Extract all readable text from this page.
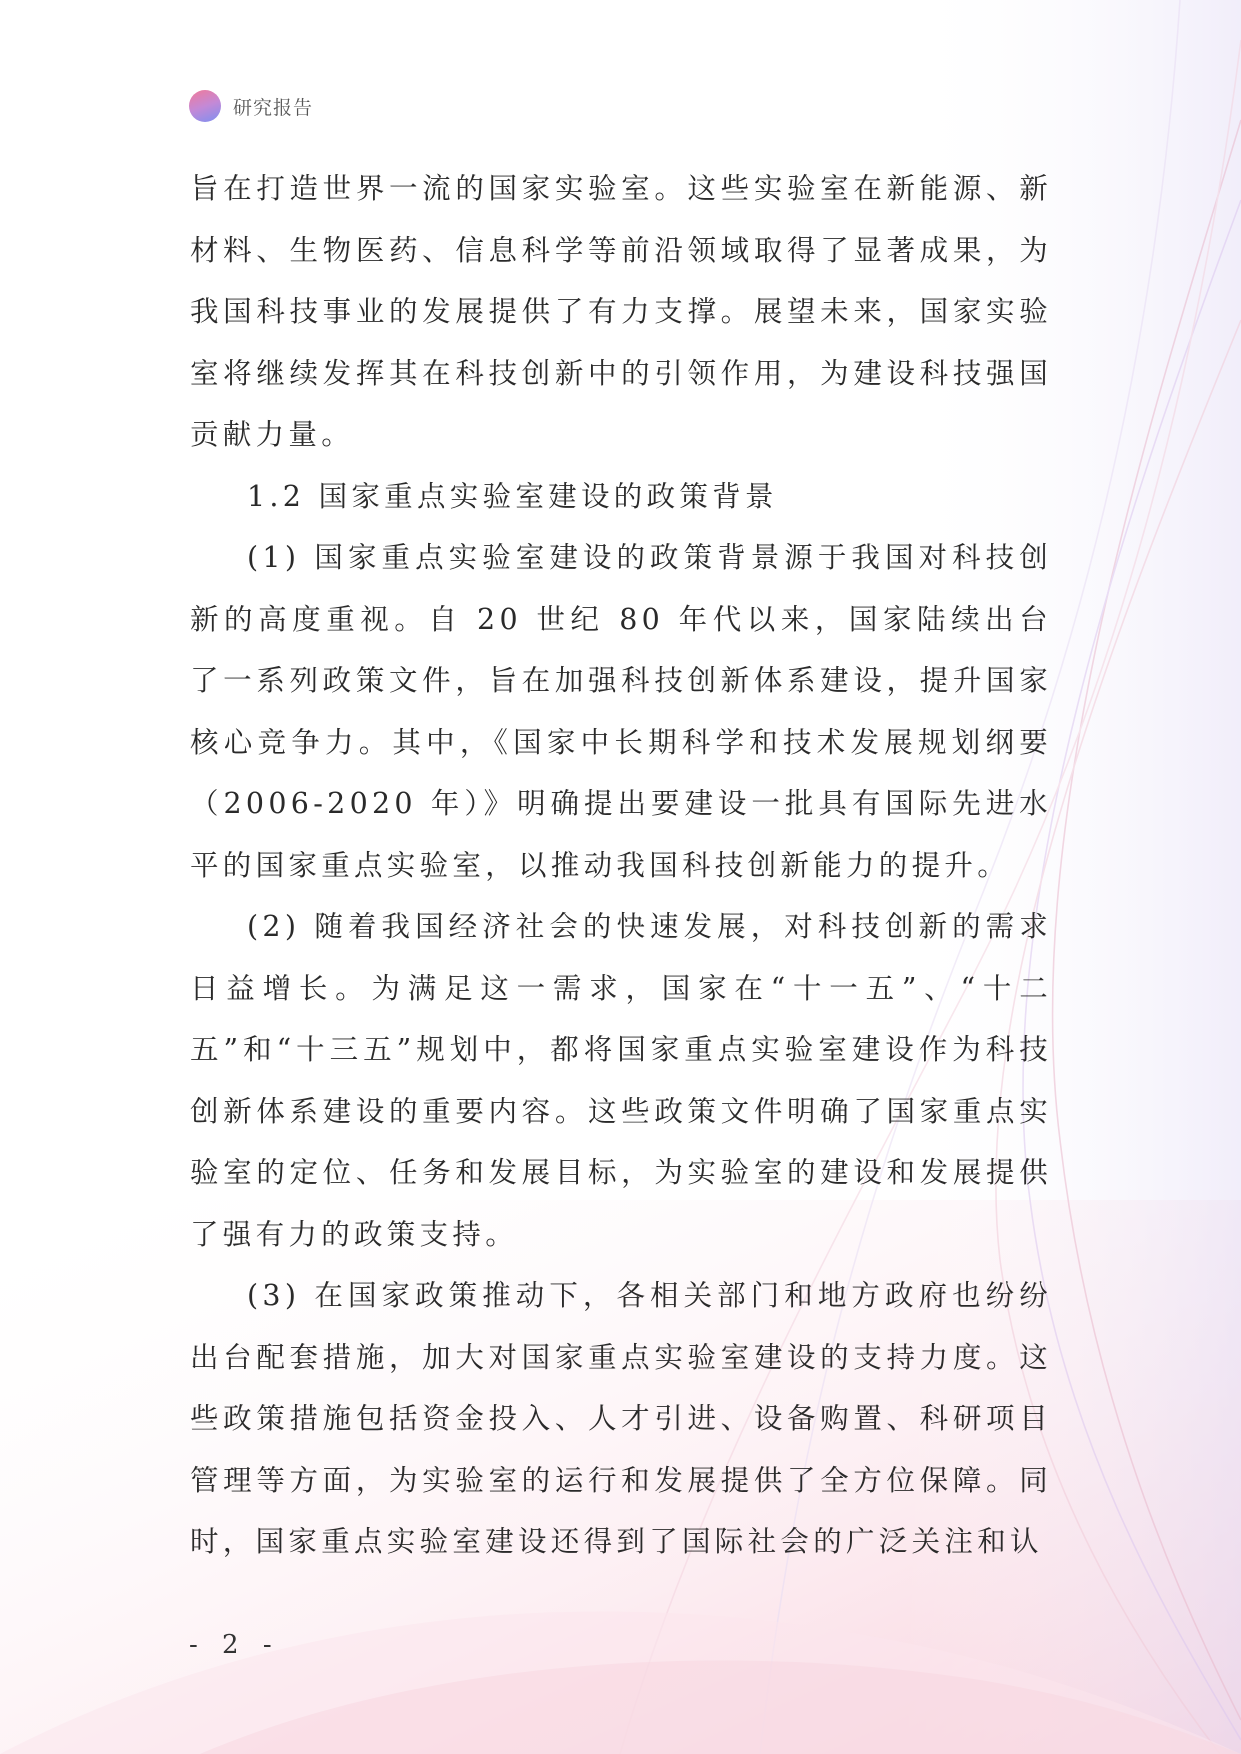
研究报告

旨在打造世界一流的国家实验室。这些实验室在新能源、新材料、生物医药、信息科学等前沿领域取得了显著成果，为我国科技事业的发展提供了有力支撑。展望未来，国家实验室将继续发挥其在科技创新中的引领作用，为建设科技强国贡献力量。

1.2 国家重点实验室建设的政策背景

(1) 国家重点实验室建设的政策背景源于我国对科技创新的高度重视。自 20 世纪 80 年代以来，国家陆续出台了一系列政策文件，旨在加强科技创新体系建设，提升国家核心竞争力。其中，《国家中长期科学和技术发展规划纲要（2006-2020 年）》明确提出要建设一批具有国际先进水平的国家重点实验室，以推动我国科技创新能力的提升。

(2) 随着我国经济社会的快速发展，对科技创新的需求日益增长。为满足这一需求，国家在“十一五”、“十二五”和“十三五”规划中，都将国家重点实验室建设作为科技创新体系建设的重要内容。这些政策文件明确了国家重点实验室的定位、任务和发展目标，为实验室的建设和发展提供了强有力的政策支持。

(3) 在国家政策推动下，各相关部门和地方政府也纷纷出台配套措施，加大对国家重点实验室建设的支持力度。这些政策措施包括资金投入、人才引进、设备购置、科研项目管理等方面，为实验室的运行和发展提供了全方位保障。同时，国家重点实验室建设还得到了国际社会的广泛关注和认

- 2 -
